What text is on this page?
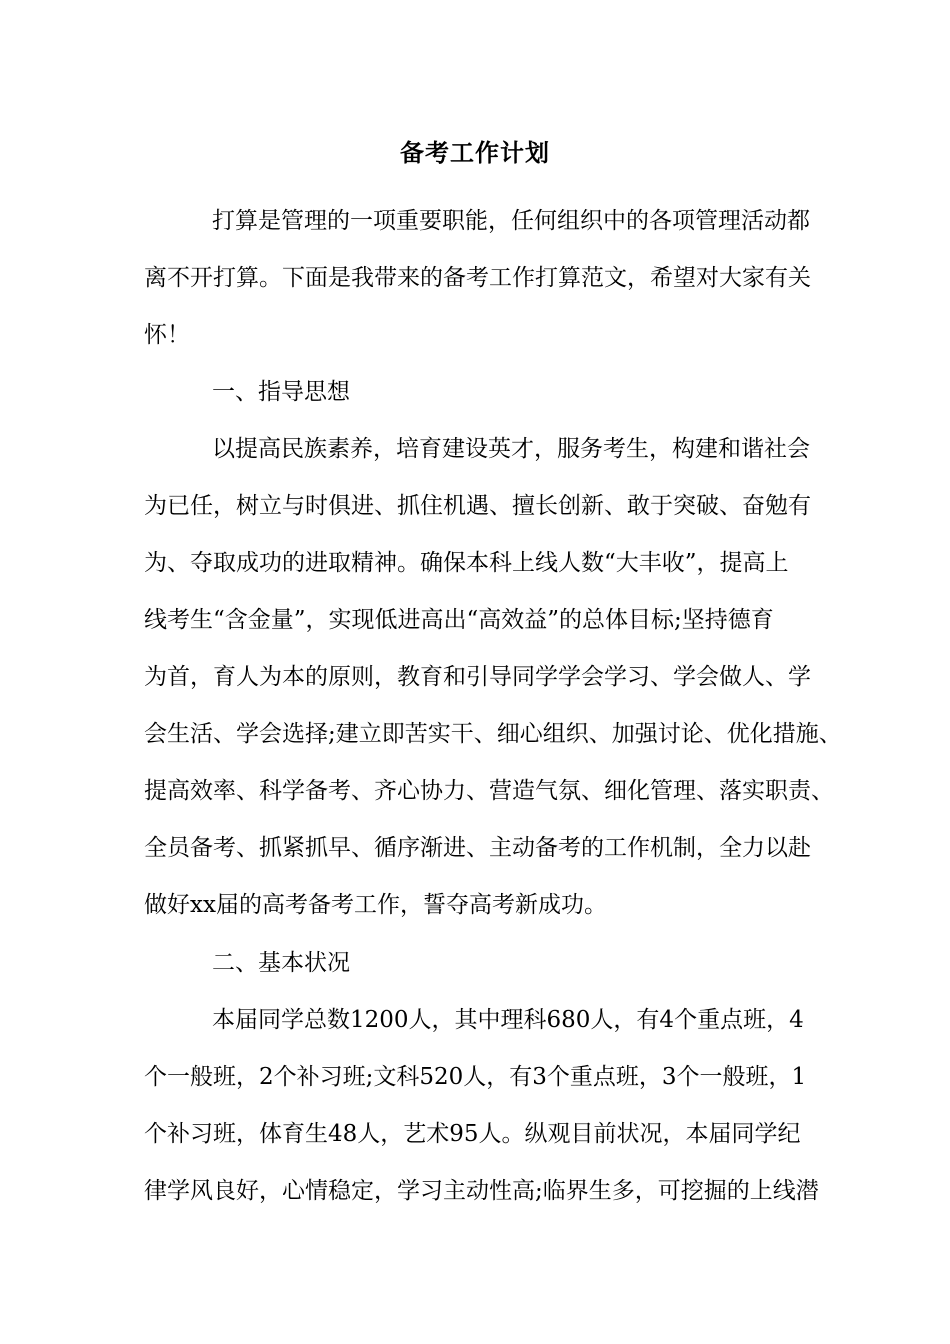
备考工作计划
打算是管理的一项重要职能，任何组织中的各项管理活动都
离不开打算。下面是我带来的备考工作打算范文，希望对大家有关
怀！
一、指导思想
以提高民族素养，培育建设英才，服务考生，构建和谐社会
为已任，树立与时俱进、抓住机遇、擅长创新、敢于突破、奋勉有
为、夺取成功的进取精神。确保本科上线人数“大丰收”，提高上
线考生“含金量”，实现低进高出“高效益”的总体目标;坚持德育
为首，育人为本的原则，教育和引导同学学会学习、学会做人、学
会生活、学会选择;建立即苦实干、细心组织、加强讨论、优化措施、
提高效率、科学备考、齐心协力、营造气氛、细化管理、落实职责、
全员备考、抓紧抓早、循序渐进、主动备考的工作机制，全力以赴
做好xx届的高考备考工作，誓夺高考新成功。
二、基本状况
本届同学总数1200人，其中理科680人，有4个重点班，4
个一般班，2个补习班;文科520人，有3个重点班，3个一般班，1
个补习班，体育生48人，艺术95人。纵观目前状况，本届同学纪
律学风良好，心情稳定，学习主动性高;临界生多，可挖掘的上线潜
